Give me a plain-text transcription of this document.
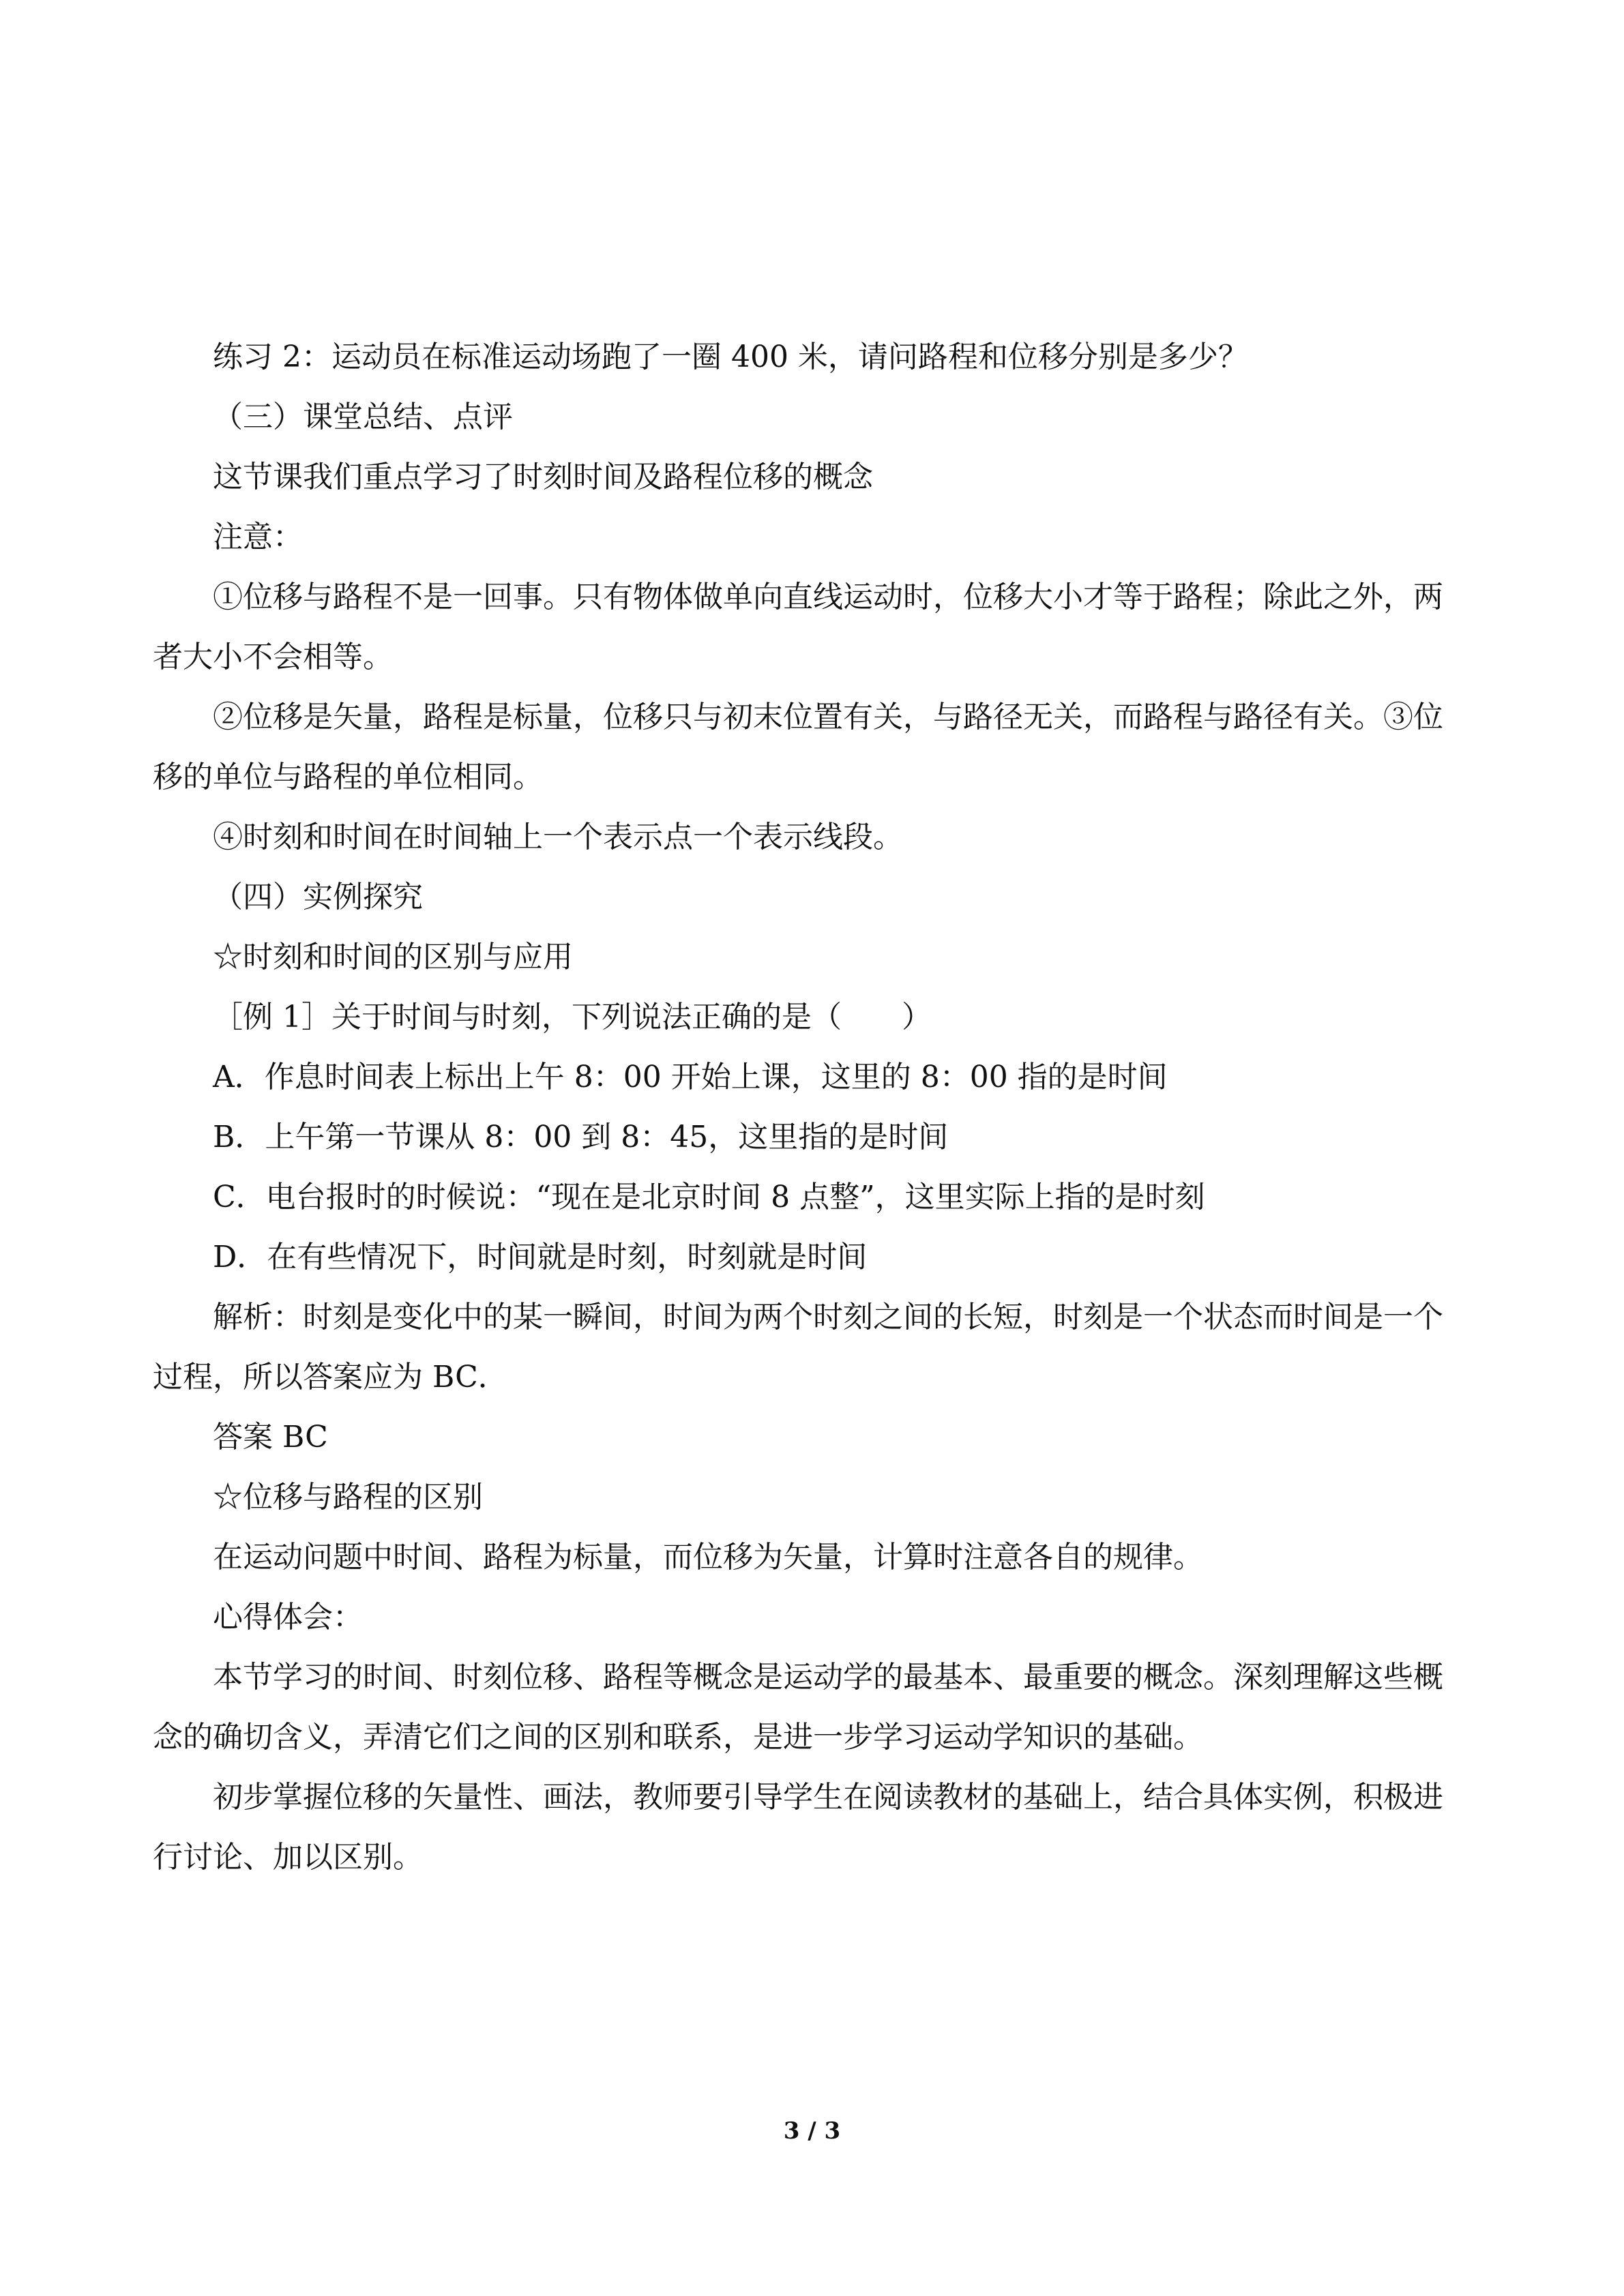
练习 2：运动员在标准运动场跑了一圈 400 米，请问路程和位移分别是多少？

（三）课堂总结、点评

这节课我们重点学习了时刻时间及路程位移的概念

注意：

①位移与路程不是一回事。只有物体做单向直线运动时，位移大小才等于路程；除此之外，两者大小不会相等。

②位移是矢量，路程是标量，位移只与初末位置有关，与路径无关，而路程与路径有关。③位移的单位与路程的单位相同。

④时刻和时间在时间轴上一个表示点一个表示线段。

（四）实例探究

☆时刻和时间的区别与应用

［例 1］关于时间与时刻，下列说法正确的是（　　）

A．作息时间表上标出上午 8：00 开始上课，这里的 8：00 指的是时间

B．上午第一节课从 8：00 到 8：45，这里指的是时间

C．电台报时的时候说：“现在是北京时间 8 点整”，这里实际上指的是时刻

D．在有些情况下，时间就是时刻，时刻就是时间

解析：时刻是变化中的某一瞬间，时间为两个时刻之间的长短，时刻是一个状态而时间是一个过程，所以答案应为 BC．

答案 BC

☆位移与路程的区别

在运动问题中时间、路程为标量，而位移为矢量，计算时注意各自的规律。

心得体会：

本节学习的时间、时刻位移、路程等概念是运动学的最基本、最重要的概念。深刻理解这些概念的确切含义，弄清它们之间的区别和联系，是进一步学习运动学知识的基础。

初步掌握位移的矢量性、画法，教师要引导学生在阅读教材的基础上，结合具体实例，积极进行讨论、加以区别。

3 / 3
